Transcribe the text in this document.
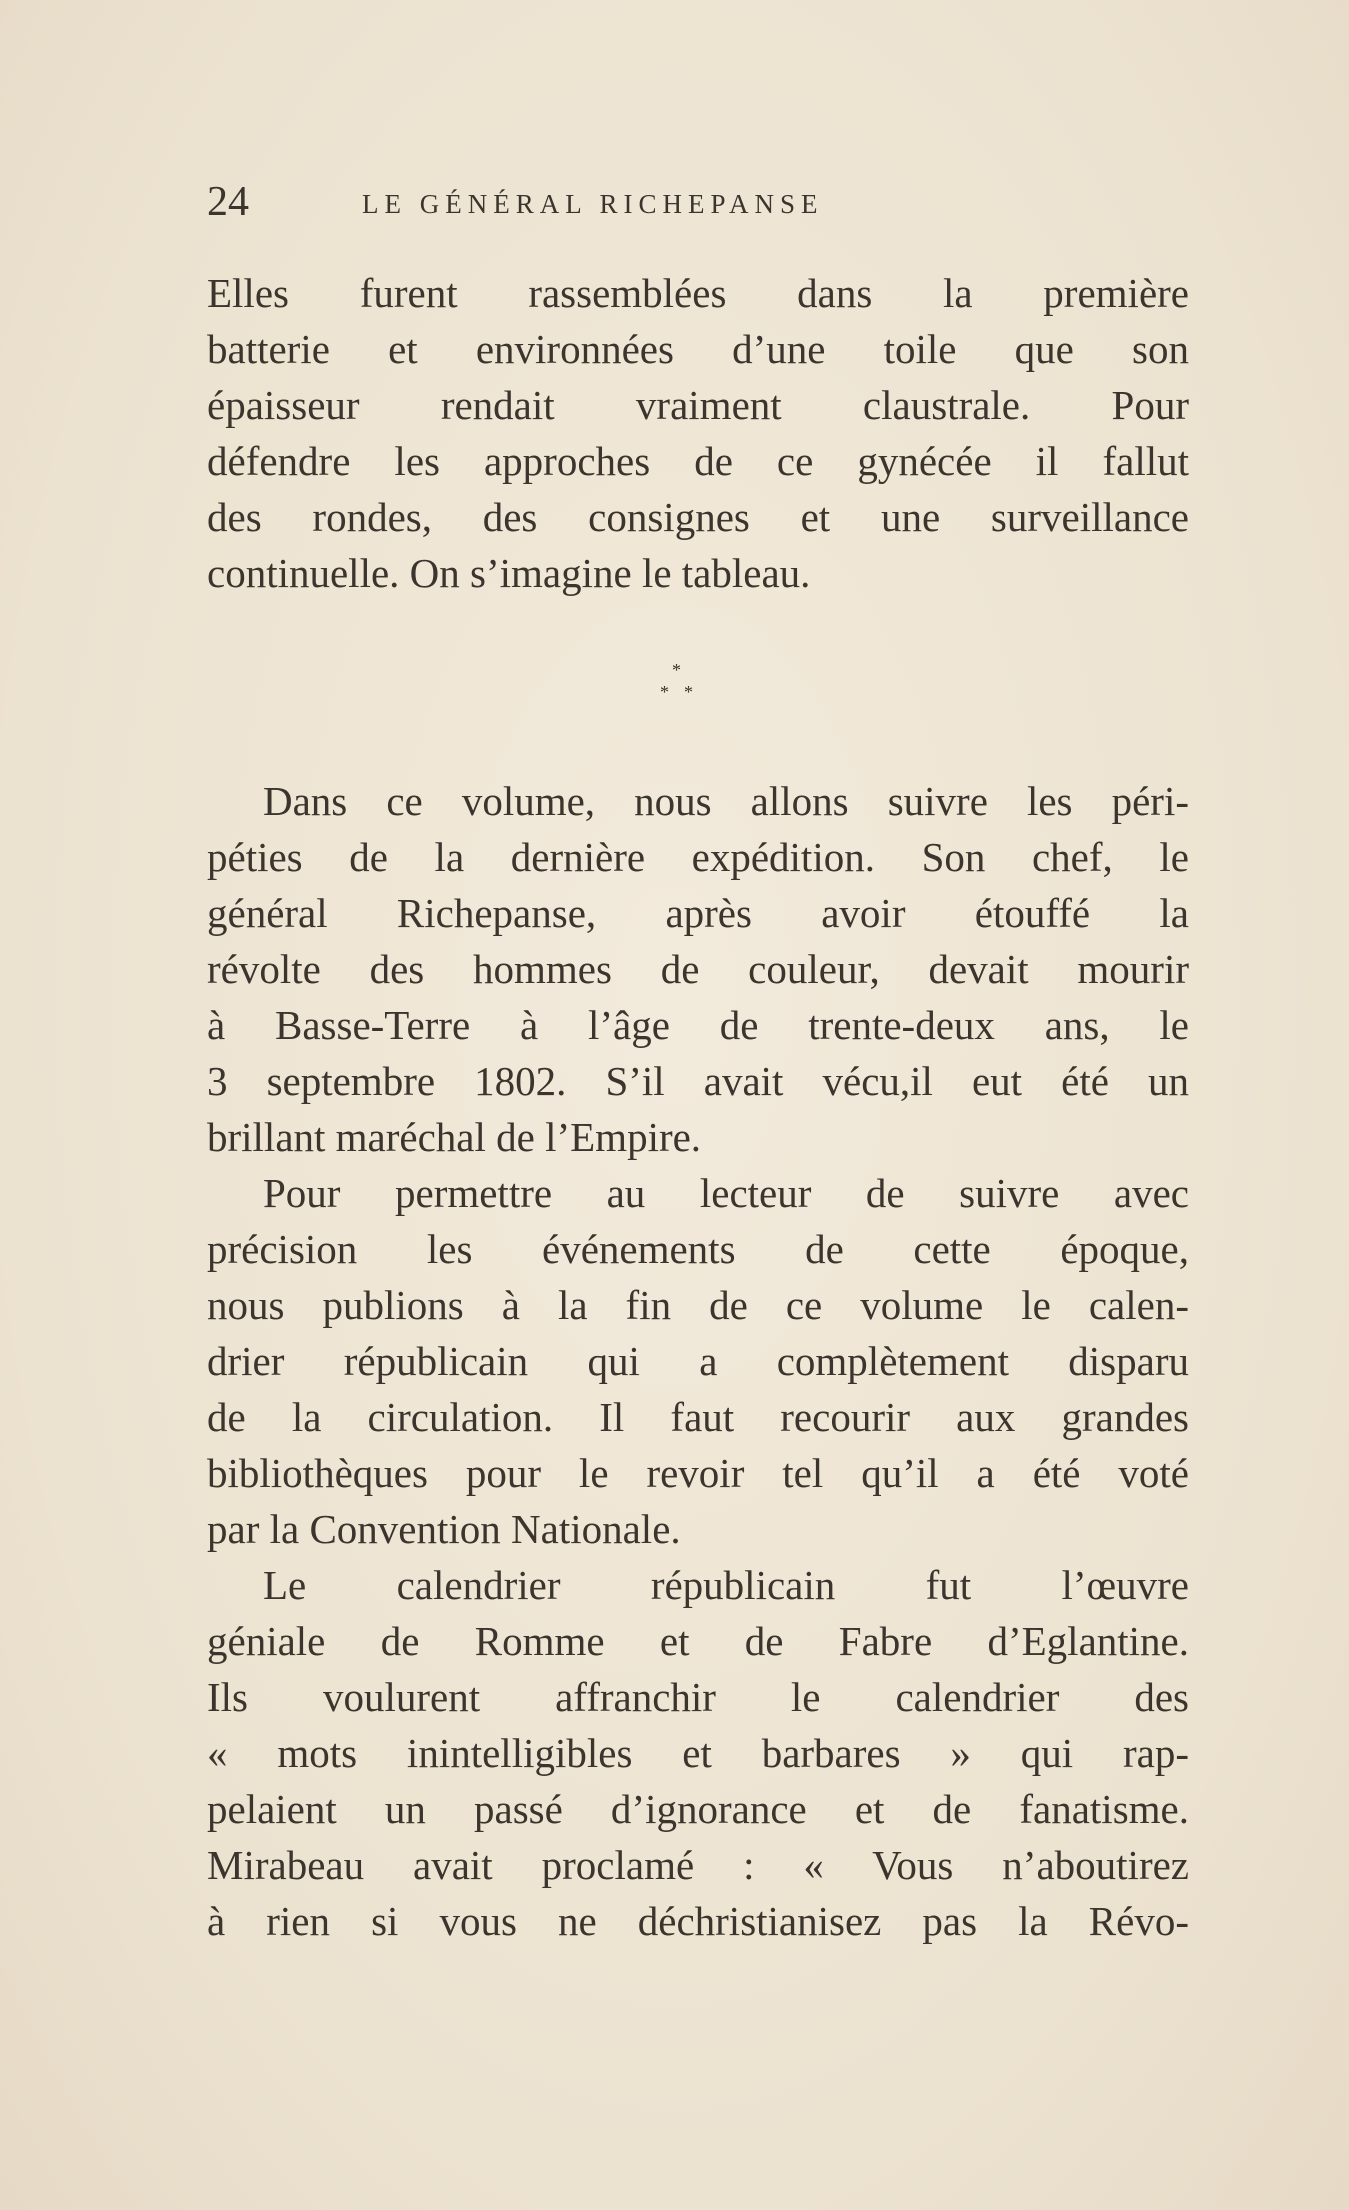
24	LE GÉNÉRAL RICHEPANSE
Elles furent rassemblées dans la première
batterie et environnées d’une toile que son
épaisseur rendait vraiment claustrale. Pour
défendre les approches de ce gynécée il fallut
des rondes, des consignes et une surveillance
continuelle. On s’imagine le tableau.
*
* *
Dans ce volume, nous allons suivre les péri-
péties de la dernière expédition. Son chef, le
général Richepanse, après avoir étouffé la
révolte des hommes de couleur, devait mourir
à Basse-Terre à l’âge de trente-deux ans, le
3 septembre 1802. S’il avait vécu,il eut été un
brillant maréchal de l’Empire.
Pour permettre au lecteur de suivre avec
précision les événements de cette époque,
nous publions à la fin de ce volume le calen-
drier républicain qui a complètement disparu
de la circulation. Il faut recourir aux grandes
bibliothèques pour le revoir tel qu’il a été voté
par la Convention Nationale.
Le calendrier républicain fut l’œuvre
géniale de Romme et de Fabre d’Eglantine.
Ils voulurent affranchir le calendrier des
« mots inintelligibles et barbares » qui rap-
pelaient un passé d’ignorance et de fanatisme.
Mirabeau avait proclamé : « Vous n’aboutirez
à rien si vous ne déchristianisez pas la Révo-
